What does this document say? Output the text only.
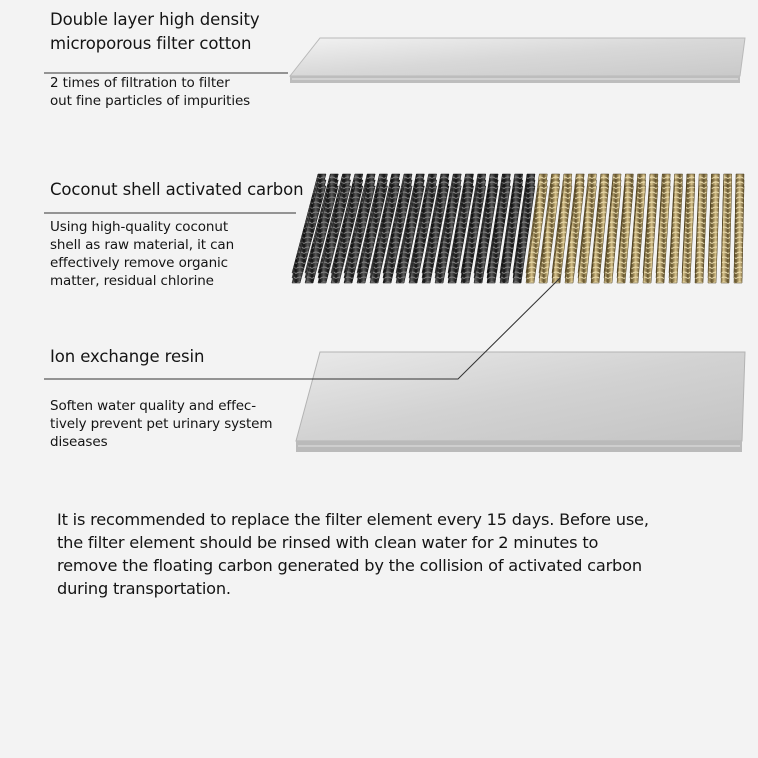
Double layer high density
microporous filter cotton
2 times of filtration to filter
out fine particles of impurities
Coconut shell activated carbon
Using high-quality coconut
shell as raw material, it can
effectively remove organic
matter, residual chlorine
Ion exchange resin
Soften water quality and effec-
tively prevent pet urinary system
diseases
It is recommended to replace the filter element every 15 days. Before use,
the filter element should be rinsed with clean water for 2 minutes to
remove the floating carbon generated by the collision of activated carbon
during transportation.
